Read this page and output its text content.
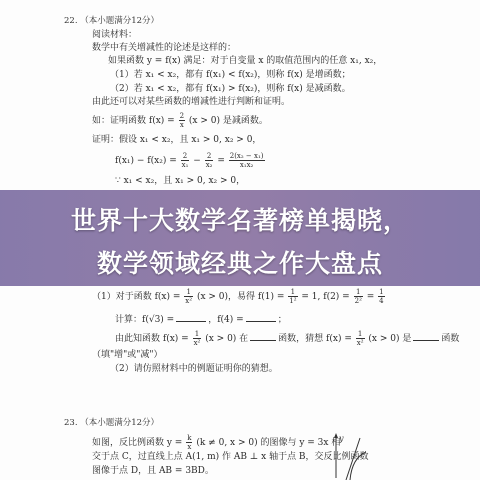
22. （本小题满分12分）
阅读材料：
数学中有关增减性的论述是这样的：
如果函数 y = f(x) 满足：对于自变量 x 的取值范围内的任意 x₁, x₂，
（1）若 x₁ < x₂，都有 f(x₁) < f(x₂)，则称 f(x) 是增函数；
（2）若 x₁ < x₂，都有 f(x₁) > f(x₂)，则称 f(x) 是减函数。
由此还可以对某些函数的增减性进行判断和证明。
如：证明函数 $f(x) = \frac{2}{x} (x > 0)$ 是减函数。
证明：假设 x₁ < x₂，且 x₁ > 0, x₂ > 0，
$f(x_1) - f(x_2) = \frac{2}{\text{x₁}} - \frac{2}{\text{x₂}} = \frac{\text{2(x₂ − x₁)}}{\text{x₁x₂}}$
∵ x₁ < x₂，且 x₁ > 0, x₂ > 0，
世界十大数学名著榜单揭晓，
数学领域经典之作大盘点
（1）对于函数 $f(x) = \frac{1}{\text{x²}} (x > 0)$，易得 $f(1) = \frac{1}{\text{1²}} = 1$, $f(2) = \frac{1}{\text{2²}} = \frac{1}{4}$
计算：f(√3) =	，f(4) =	；
由此知函数 $f(x) = \frac{1}{\text{x²}} (x > 0)$ 在	函数，猜想 $f(x) = \frac{1}{\text{x²}} (x > 0)$ 是	函数
（填"增"或"减"）
（2）请仿照材料中的例题证明你的猜想。
23. （本小题满分12分）
如图，反比例函数 $y = \frac{k}{x} (k \ne 0$, x > 0) 的图像与 y = 3x 相
交于点 C，过直线上点 A(1, m) 作 AB ⊥ x 轴于点 B，交反比例函数
图像于点 D，且 AB = 3BD。
y
